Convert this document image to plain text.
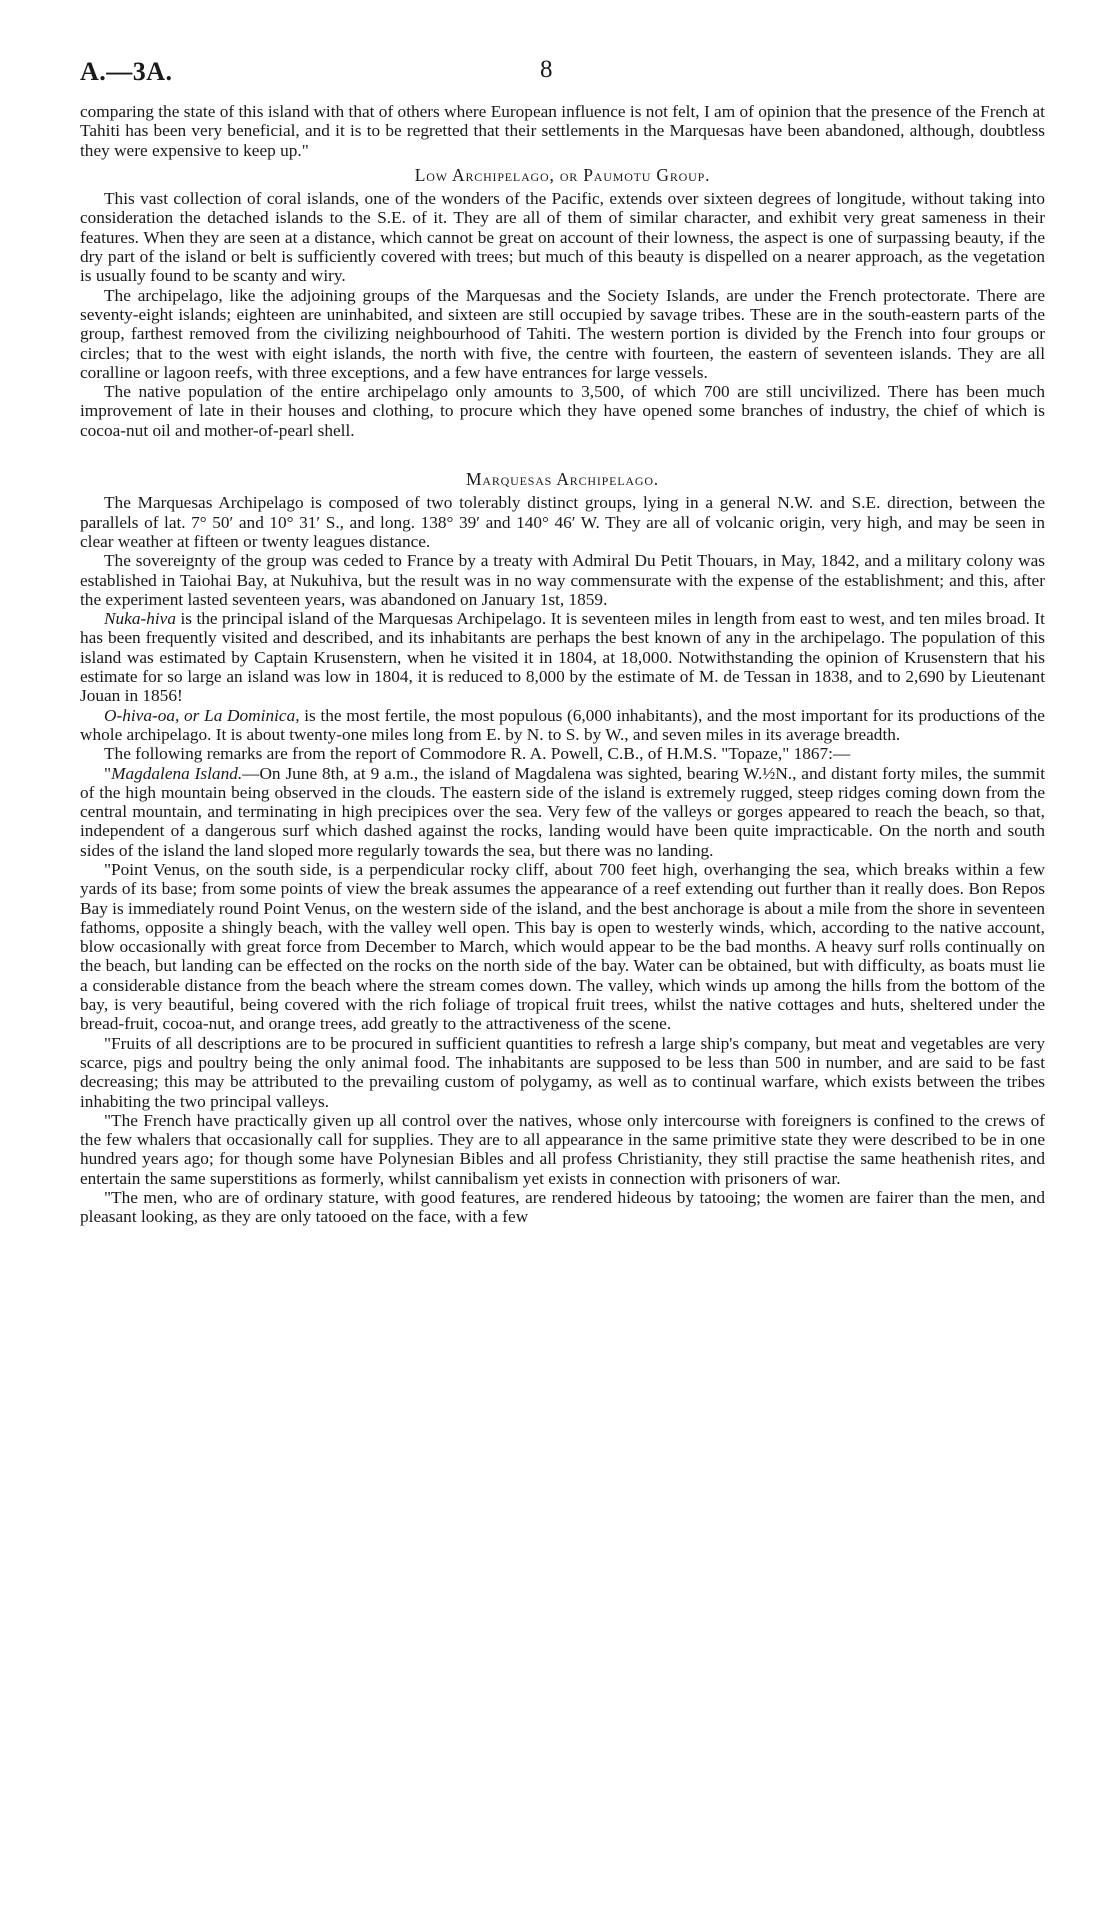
A.—3A.	8

comparing the state of this island with that of others where European influence is not felt, I am of opinion that the presence of the French at Tahiti has been very beneficial, and it is to be regretted that their settlements in the Marquesas have been abandoned, although, doubtless they were expensive to keep up."

Low Archipelago, or Paumotu Group.

This vast collection of coral islands, one of the wonders of the Pacific, extends over sixteen degrees of longitude, without taking into consideration the detached islands to the S.E. of it. They are all of them of similar character, and exhibit very great sameness in their features. When they are seen at a distance, which cannot be great on account of their lowness, the aspect is one of surpassing beauty, if the dry part of the island or belt is sufficiently covered with trees; but much of this beauty is dispelled on a nearer approach, as the vegetation is usually found to be scanty and wiry.

The archipelago, like the adjoining groups of the Marquesas and the Society Islands, are under the French protectorate. There are seventy-eight islands; eighteen are uninhabited, and sixteen are still occupied by savage tribes. These are in the south-eastern parts of the group, farthest removed from the civilizing neighbourhood of Tahiti. The western portion is divided by the French into four groups or circles; that to the west with eight islands, the north with five, the centre with fourteen, the eastern of seventeen islands. They are all coralline or lagoon reefs, with three exceptions, and a few have entrances for large vessels.

The native population of the entire archipelago only amounts to 3,500, of which 700 are still uncivilized. There has been much improvement of late in their houses and clothing, to procure which they have opened some branches of industry, the chief of which is cocoa-nut oil and mother-of-pearl shell.

Marquesas Archipelago.

The Marquesas Archipelago is composed of two tolerably distinct groups, lying in a general N.W. and S.E. direction, between the parallels of lat. 7° 50′ and 10° 31′ S., and long. 138° 39′ and 140° 46′ W. They are all of volcanic origin, very high, and may be seen in clear weather at fifteen or twenty leagues distance.

The sovereignty of the group was ceded to France by a treaty with Admiral Du Petit Thouars, in May, 1842, and a military colony was established in Taiohai Bay, at Nukuhiva, but the result was in no way commensurate with the expense of the establishment; and this, after the experiment lasted seventeen years, was abandoned on January 1st, 1859.

Nuka-hiva is the principal island of the Marquesas Archipelago. It is seventeen miles in length from east to west, and ten miles broad. It has been frequently visited and described, and its inhabitants are perhaps the best known of any in the archipelago. The population of this island was estimated by Captain Krusenstern, when he visited it in 1804, at 18,000. Notwithstanding the opinion of Krusenstern that his estimate for so large an island was low in 1804, it is reduced to 8,000 by the estimate of M. de Tessan in 1838, and to 2,690 by Lieutenant Jouan in 1856!

O-hiva-oa, or La Dominica, is the most fertile, the most populous (6,000 inhabitants), and the most important for its productions of the whole archipelago. It is about twenty-one miles long from E. by N. to S. by W., and seven miles in its average breadth.

The following remarks are from the report of Commodore R. A. Powell, C.B., of H.M.S. "Topaze," 1867:—

"Magdalena Island.—On June 8th, at 9 a.m., the island of Magdalena was sighted, bearing W.½N., and distant forty miles, the summit of the high mountain being observed in the clouds. The eastern side of the island is extremely rugged, steep ridges coming down from the central mountain, and terminating in high precipices over the sea. Very few of the valleys or gorges appeared to reach the beach, so that, independent of a dangerous surf which dashed against the rocks, landing would have been quite impracticable. On the north and south sides of the island the land sloped more regularly towards the sea, but there was no landing.

"Point Venus, on the south side, is a perpendicular rocky cliff, about 700 feet high, overhanging the sea, which breaks within a few yards of its base; from some points of view the break assumes the appearance of a reef extending out further than it really does. Bon Repos Bay is immediately round Point Venus, on the western side of the island, and the best anchorage is about a mile from the shore in seventeen fathoms, opposite a shingly beach, with the valley well open. This bay is open to westerly winds, which, according to the native account, blow occasionally with great force from December to March, which would appear to be the bad months. A heavy surf rolls continually on the beach, but landing can be effected on the rocks on the north side of the bay. Water can be obtained, but with difficulty, as boats must lie a considerable distance from the beach where the stream comes down. The valley, which winds up among the hills from the bottom of the bay, is very beautiful, being covered with the rich foliage of tropical fruit trees, whilst the native cottages and huts, sheltered under the bread-fruit, cocoa-nut, and orange trees, add greatly to the attractiveness of the scene.

"Fruits of all descriptions are to be procured in sufficient quantities to refresh a large ship's company, but meat and vegetables are very scarce, pigs and poultry being the only animal food. The inhabitants are supposed to be less than 500 in number, and are said to be fast decreasing; this may be attributed to the prevailing custom of polygamy, as well as to continual warfare, which exists between the tribes inhabiting the two principal valleys.

"The French have practically given up all control over the natives, whose only intercourse with foreigners is confined to the crews of the few whalers that occasionally call for supplies. They are to all appearance in the same primitive state they were described to be in one hundred years ago; for though some have Polynesian Bibles and all profess Christianity, they still practise the same heathenish rites, and entertain the same superstitions as formerly, whilst cannibalism yet exists in connection with prisoners of war.

"The men, who are of ordinary stature, with good features, are rendered hideous by tatooing; the women are fairer than the men, and pleasant looking, as they are only tatooed on the face, with a few
